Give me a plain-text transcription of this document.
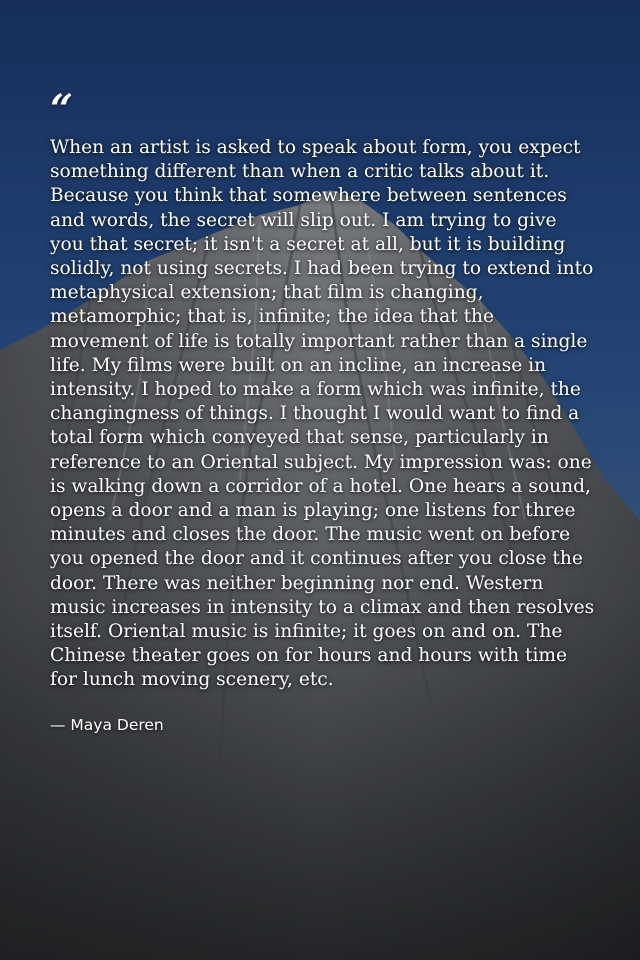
“

When an artist is asked to speak about form, you expect something different than when a critic talks about it. Because you think that somewhere between sentences and words, the secret will slip out. I am trying to give you that secret; it isn't a secret at all, but it is building solidly, not using secrets. I had been trying to extend into metaphysical extension; that film is changing, metamorphic; that is, infinite; the idea that the movement of life is totally important rather than a single life. My films were built on an incline, an increase in intensity. I hoped to make a form which was infinite, the changingness of things. I thought I would want to find a total form which conveyed that sense, particularly in reference to an Oriental subject. My impression was: one is walking down a corridor of a hotel. One hears a sound, opens a door and a man is playing; one listens for three minutes and closes the door. The music went on before you opened the door and it continues after you close the door. There was neither beginning nor end. Western music increases in intensity to a climax and then resolves itself. Oriental music is infinite; it goes on and on. The Chinese theater goes on for hours and hours with time for lunch moving scenery, etc.

— Maya Deren
